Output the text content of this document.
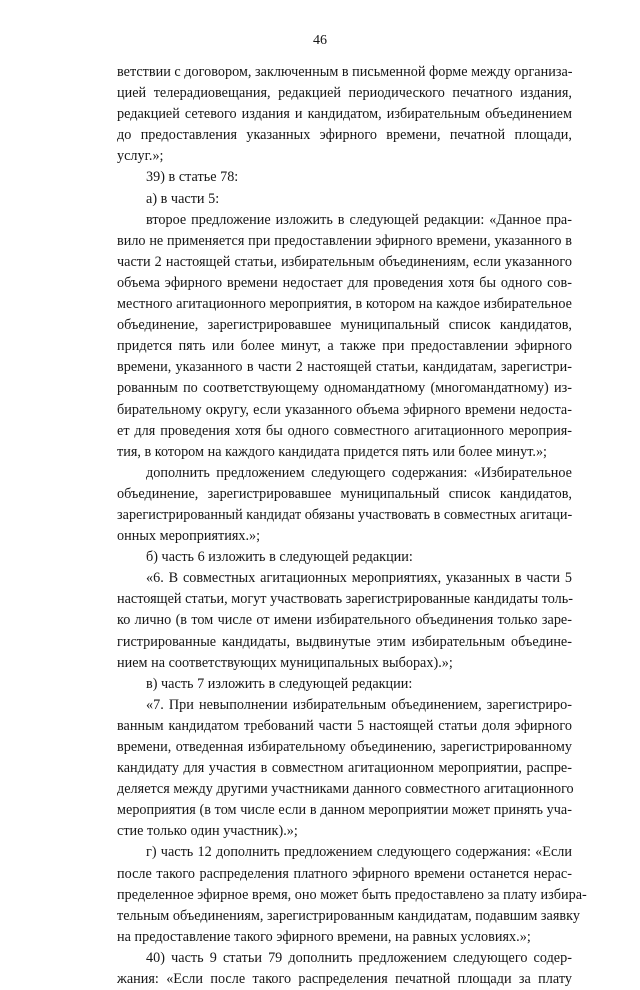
46
ветствии с договором, заключенным в письменной форме между организа-
цией телерадиовещания, редакцией периодического печатного издания,
редакцией сетевого издания и кандидатом, избирательным объединением
до предоставления указанных эфирного времени, печатной площади,
услуг.»;
39) в статье 78:
а) в части 5:
второе предложение изложить в следующей редакции: «Данное пра-
вило не применяется при предоставлении эфирного времени, указанного в
части 2 настоящей статьи, избирательным объединениям, если указанного
объема эфирного времени недостает для проведения хотя бы одного сов-
местного агитационного мероприятия, в котором на каждое избирательное
объединение, зарегистрировавшее муниципальный список кандидатов,
придется пять или более минут, а также при предоставлении эфирного
времени, указанного в части 2 настоящей статьи, кандидатам, зарегистри-
рованным по соответствующему одномандатному (многомандатному) из-
бирательному округу, если указанного объема эфирного времени недоста-
ет для проведения хотя бы одного совместного агитационного мероприя-
тия, в котором на каждого кандидата придется пять или более минут.»;
дополнить предложением следующего содержания: «Избирательное
объединение, зарегистрировавшее муниципальный список кандидатов,
зарегистрированный кандидат обязаны участвовать в совместных агитаци-
онных мероприятиях.»;
б) часть 6 изложить в следующей редакции:
«6. В совместных агитационных мероприятиях, указанных в части 5
настоящей статьи, могут участвовать зарегистрированные кандидаты толь-
ко лично (в том числе от имени избирательного объединения только заре-
гистрированные кандидаты, выдвинутые этим избирательным объедине-
нием на соответствующих муниципальных выборах).»;
в) часть 7 изложить в следующей редакции:
«7. При невыполнении избирательным объединением, зарегистриро-
ванным кандидатом требований части 5 настоящей статьи доля эфирного
времени, отведенная избирательному объединению, зарегистрированному
кандидату для участия в совместном агитационном мероприятии, распре-
деляется между другими участниками данного совместного агитационного
мероприятия (в том числе если в данном мероприятии может принять уча-
стие только один участник).»;
г) часть 12 дополнить предложением следующего содержания: «Если
после такого распределения платного эфирного времени останется нерас-
пределенное эфирное время, оно может быть предоставлено за плату избира-
тельным объединениям, зарегистрированным кандидатам, подавшим заявку
на предоставление такого эфирного времени, на равных условиях.»;
40) часть 9 статьи 79 дополнить предложением следующего содер-
жания: «Если после такого распределения печатной площади за плату
